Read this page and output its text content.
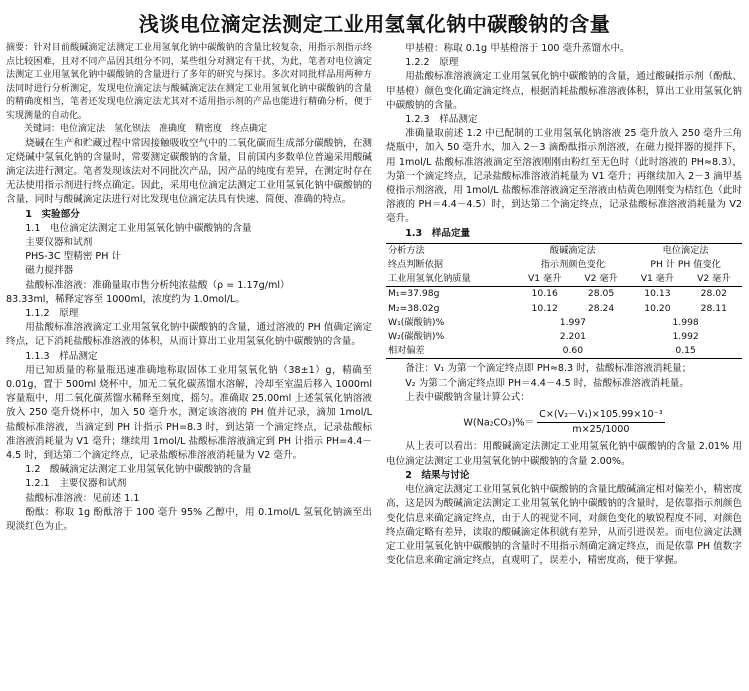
浅谈电位滴定法测定工业用氢氧化钠中碳酸钠的含量

摘要：针对目前酸碱滴定法测定工业用氢氧化钠中碳酸钠的含量比较复杂，用指示剂指示终点比较困难，且对不同产品因其组分不同，某些组分对测定有干扰，为此，笔者对电位滴定法测定工业用氢氧化钠中碳酸钠的含量进行了多年的研究与探讨。多次对同批样品用两种方法同时进行分析测定，发现电位滴定法与酸碱滴定法在测定工业用氢氧化钠中碳酸钠的含量的精确度相当，笔者还发现电位滴定法尤其对不适用指示剂的产品也能进行精确分析，便于实现测量的自动化。

关键词：电位滴定法　氢化钡法　准确度　精密度　终点确定

烧碱在生产和贮藏过程中常因接触吸收空气中的二氧化碳而生成部分碳酸钠，在测定烧碱中氢氧化钠的含量时，常要测定碳酸钠的含量，目前国内多数单位普遍采用酸碱滴定法进行测定。笔者发现该法对不同批次产品，因产品的纯度有差异，在测定时存在无法使用指示剂进行终点确定。因此，采用电位滴定法测定工业用氢氧化钠中碳酸钠的含量，同时与酸碱滴定法进行对比发现电位滴定法具有快速、简便、准确的特点。

1　实验部分

1.1　电位滴定法测定工业用氢氧化钠中碳酸钠的含量

主要仪器和试剂

PHS-3C 型精密 PH 计

磁力搅拌器

盐酸标准溶液：准确量取市售分析纯浓盐酸（ρ = 1.17g/ml）

83.33ml，稀释定容至 1000ml，浓度约为 1.0mol/L。

1.1.2　原理

用盐酸标准溶液滴定工业用氢氧化钠中碳酸钠的含量，通过溶液的 PH 值确定滴定终点，记下消耗盐酸标准溶液的体积，从而计算出工业用氢氧化钠中碳酸钠的含量。

1.1.3　样品测定

用已知质量的称量瓶迅速准确地称取固体工业用氢氧化钠（38±1）g，精确至 0.01g，置于 500ml 烧杯中，加无二氧化碳蒸馏水溶解，冷却至室温后移入 1000ml 容量瓶中，用二氧化碳蒸馏水稀释至刻度，摇匀。准确取 25.00ml 上述氢氧化钠溶液放入 250 毫升烧杯中，加入 50 毫升水，测定该溶液的 PH 值并记录，滴加 1mol/L 盐酸标准溶液，当滴定到 PH 计指示 PH=8.3 时，到达第一个滴定终点，记录盐酸标准溶液消耗量为 V1 毫升；继续用 1mol/L 盐酸标准溶液滴定到 PH 计指示 PH=4.4－4.5 时，到达第二个滴定终点，记录盐酸标准溶液消耗量为 V2 毫升。

1.2　酸碱滴定法测定工业用氢氧化钠中碳酸钠的含量

1.2.1　主要仪器和试剂

盐酸标准溶液：见前述 1.1

酚酞：称取 1g 酚酞溶于 100 毫升 95% 乙醇中，用 0.1mol/L 氢氧化钠滴至出现淡红色为止。

甲基橙：称取 0.1g 甲基橙溶于 100 毫升蒸馏水中。

1.2.2　原理

用盐酸标准溶液滴定工业用氢氧化钠中碳酸钠的含量，通过酸碱指示剂（酚酞、甲基橙）颜色变化确定滴定终点，根据消耗盐酸标准溶液体积，算出工业用氢氧化钠中碳酸钠的含量。

1.2.3　样品测定

准确量取前述 1.2 中已配制的工业用氢氧化钠溶液 25 毫升放入 250 毫升三角烧瓶中，加入 50 毫升水，加入 2－3 滴酚酞指示剂溶液，在磁力搅拌器的搅拌下，用 1mol/L 盐酸标准溶液滴定至溶液刚刚由粉红至无色时（此时溶液的 PH≈8.3），为第一个滴定终点，记录盐酸标准溶液消耗量为 V1 毫升；再继续加入 2－3 滴甲基橙指示剂溶液，用 1mol/L 盐酸标准溶液滴定至溶液由桔黄色刚刚变为桔红色（此时溶液的 PH＝4.4－4.5）时，到达第二个滴定终点，记录盐酸标准溶液消耗量为 V2 毫升。

1.3　样品定量

分析方法	酸碱滴定法		电位滴定法	
终点判断依据	指示剂颜色变化		PH 计 PH 值变化	
工业用氢氧化钠质量	V1 毫升	V2 毫升	V1 毫升	V2 毫升
M₁=37.98g	10.16	28.05	10.13	28.02
M₂=38.02g	10.12	28.24	10.20	28.11
W₁(碳酸钠)%	1.997		1.998	
W₂(碳酸钠)%	2.201		1.992	
相对偏差	0.60		0.15	

备注：V₁ 为第一个滴定终点即 PH≈8.3 时，盐酸标准溶液消耗量；

V₂ 为第二个滴定终点即 PH＝4.4－4.5 时，盐酸标准溶液消耗量。

上表中碳酸钠含量计算公式：

$W(Na_2CO_3)\%= \frac{\text{C×(V₂－V₁)×105.99×10⁻³}}{m\times 25/1000}$

从上表可以看出：用酸碱滴定法测定工业用氢氧化钠中碳酸钠的含量 2.01% 用电位滴定法测定工业用氢氧化钠中碳酸钠的含量 2.00%。

2　结果与讨论

电位滴定法测定工业用氢氧化钠中碳酸钠的含量比酸碱滴定相对偏差小，精密度高，这是因为酸碱滴定法测定工业用氢氧化钠中碳酸钠的含量时，是依靠指示剂颜色变化信息来确定滴定终点，由于人的视觉不同，对颜色变化的敏锐程度不同，对颜色终点确定略有差异，读取的酸碱滴定体积就有差异，从而引进误差。而电位滴定法测定工业用氢氧化钠中碳酸钠的含量时不用指示剂确定滴定终点，而是依靠 PH 值数字变化信息来确定滴定终点，直观明了，误差小，精密度高，便于掌握。
